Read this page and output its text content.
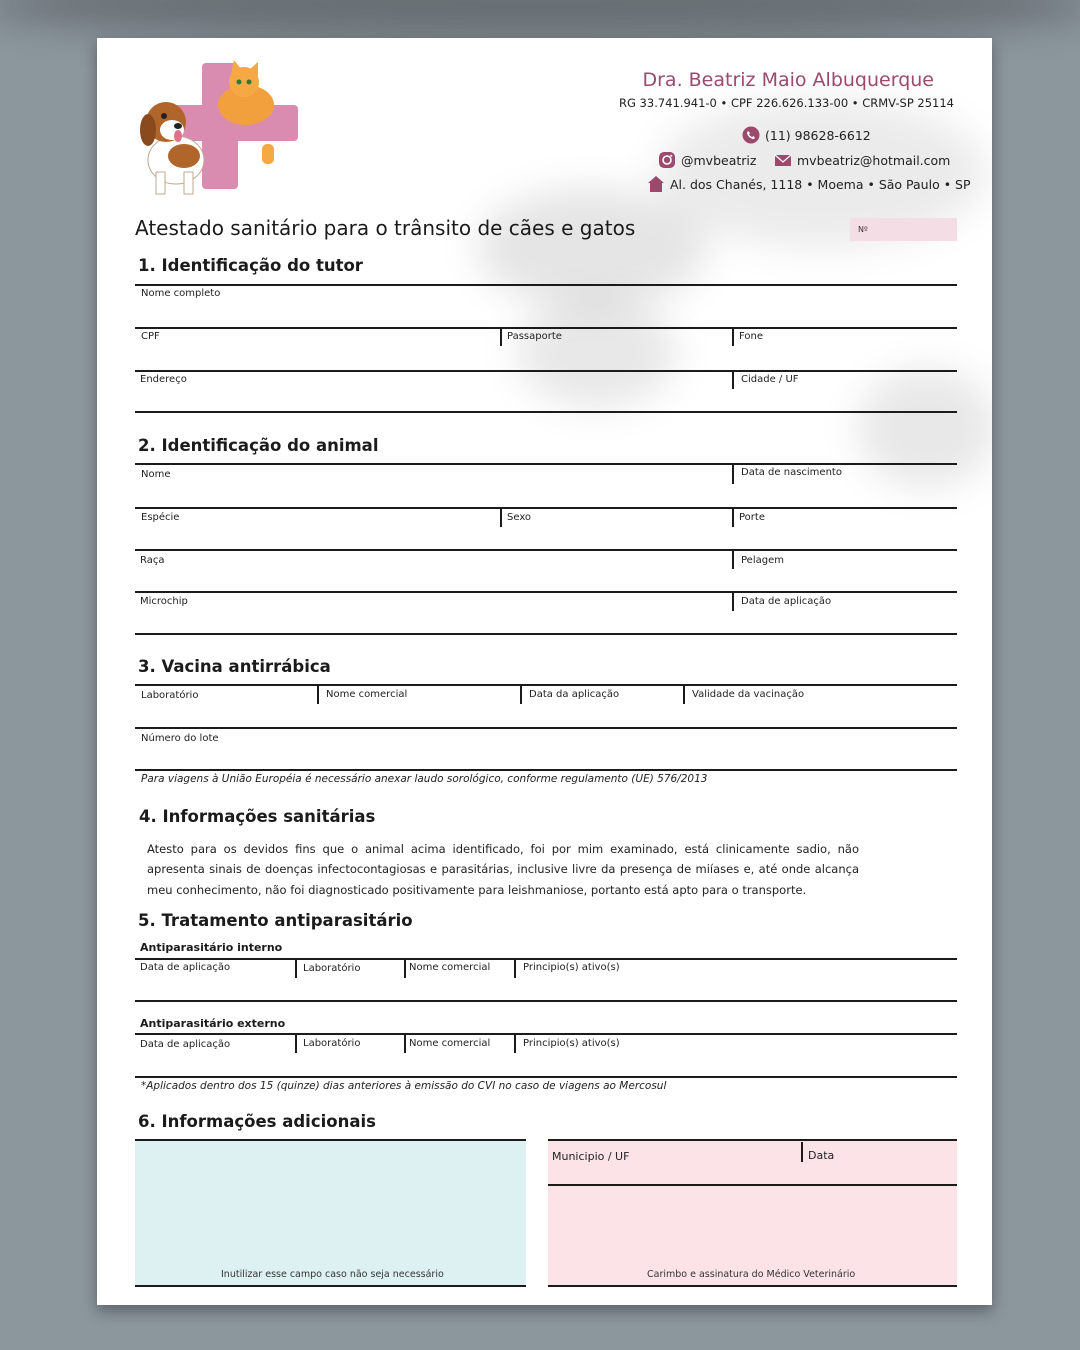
Dra. Beatriz Maio Albuquerque
RG 33.741.941-0 • CPF 226.626.133-00 • CRMV-SP 25114
(11) 98628-6612
@mvbeatriz	mvbeatriz@hotmail.com
Al. dos Chanés, 1118 • Moema • São Paulo • SP
Atestado sanitário para o trânsito de cães e gatos	Nº
1. Identificação do tutor
Nome completo
CPF	Passaporte	Fone
Endereço	Cidade / UF
2. Identificação do animal
Nome	Data de nascimento
Espécie	Sexo	Porte
Raça	Pelagem
Microchip	Data de aplicação
3. Vacina antirrábica
Laboratório	Nome comercial	Data da aplicação	Validade da vacinação
Número do lote
Para viagens à União Européia é necessário anexar laudo sorológico, conforme regulamento (UE) 576/2013
4. Informações sanitárias
Atesto para os devidos fins que o animal acima identificado, foi por mim examinado, está clinicamente sadio, não apresenta sinais de doenças infectocontagiosas e parasitárias, inclusive livre da presença de miíases e, até onde alcança meu conhecimento, não foi diagnosticado positivamente para leishmaniose, portanto está apto para o transporte.
5. Tratamento antiparasitário
Antiparasitário interno
Data de aplicação	Laboratório	Nome comercial	Principio(s) ativo(s)
Antiparasitário externo
Data de aplicação	Laboratório	Nome comercial	Principio(s) ativo(s)
*Aplicados dentro dos 15 (quinze) dias anteriores à emissão do CVI no caso de viagens ao Mercosul
6. Informações adicionais
Inutilizar esse campo caso não seja necessário
Municipio / UF	Data
Carimbo e assinatura do Médico Veterinário
